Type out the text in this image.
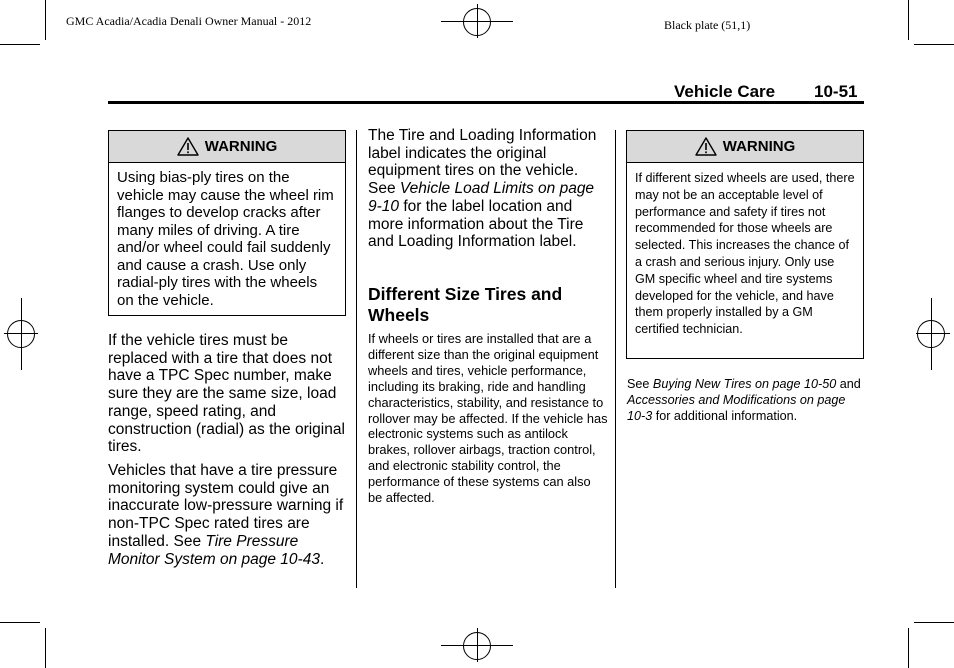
GMC Acadia/Acadia Denali Owner Manual - 2012	Black plate (51,1)
Vehicle Care 10-51
WARNING
Using bias-ply tires on the vehicle may cause the wheel rim flanges to develop cracks after many miles of driving. A tire and/or wheel could fail suddenly and cause a crash. Use only radial-ply tires with the wheels on the vehicle.

If the vehicle tires must be replaced with a tire that does not have a TPC Spec number, make sure they are the same size, load range, speed rating, and construction (radial) as the original tires.

Vehicles that have a tire pressure monitoring system could give an inaccurate low-pressure warning if non-TPC Spec rated tires are installed. See Tire Pressure Monitor System on page 10-43.

The Tire and Loading Information label indicates the original equipment tires on the vehicle. See Vehicle Load Limits on page 9-10 for the label location and more information about the Tire and Loading Information label.

Different Size Tires and Wheels

If wheels or tires are installed that are a different size than the original equipment wheels and tires, vehicle performance, including its braking, ride and handling characteristics, stability, and resistance to rollover may be affected. If the vehicle has electronic systems such as antilock brakes, rollover airbags, traction control, and electronic stability control, the performance of these systems can also be affected.

WARNING
If different sized wheels are used, there may not be an acceptable level of performance and safety if tires not recommended for those wheels are selected. This increases the chance of a crash and serious injury. Only use GM specific wheel and tire systems developed for the vehicle, and have them properly installed by a GM certified technician.

See Buying New Tires on page 10-50 and Accessories and Modifications on page 10-3 for additional information.
